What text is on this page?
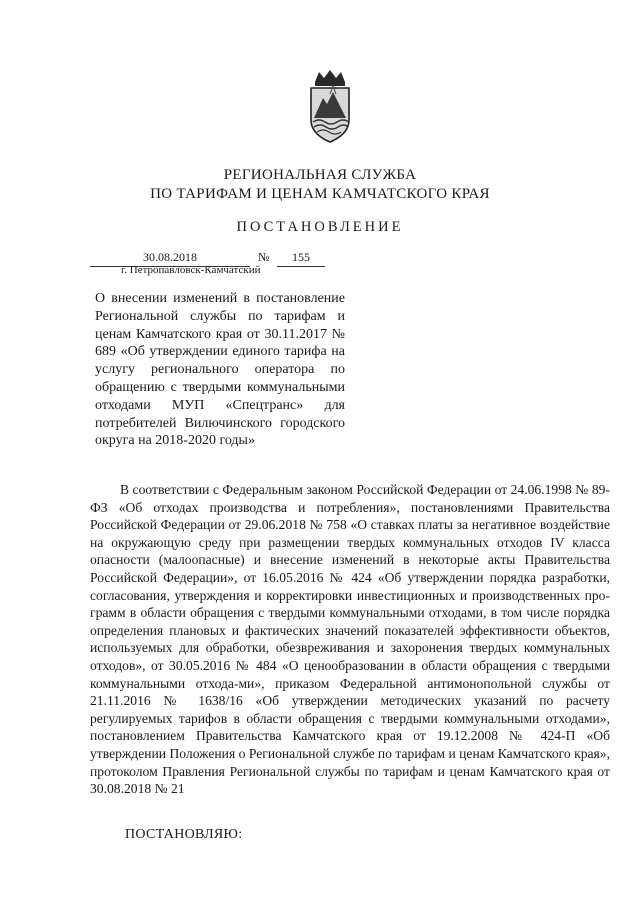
РЕГИОНАЛЬНАЯ СЛУЖБА
ПО ТАРИФАМ И ЦЕНАМ КАМЧАТСКОГО КРАЯ
ПОСТАНОВЛЕНИЕ
30.08.2018	№	155
г. Петропавловск-Камчатский
О внесении изменений в постановление Региональной службы по тарифам и ценам Камчатского края от 30.11.2017 № 689 «Об утверждении единого тарифа на услугу регионального оператора по обращению с твердыми коммунальными отходами МУП «Спецтранс» для потребителей Вилючинского городского округа на 2018-2020 годы»
В соответствии с Федеральным законом Российской Федерации от 24.06.1998 № 89-ФЗ «Об отходах производства и потребления», постановлениями Правительства Российской Федерации от 29.06.2018 № 758 «О ставках платы за негативное воздействие на окружающую среду при размещении твердых коммунальных отходов IV класса опасности (малоопасные) и внесение изменений в некоторые акты Правительства Российской Федерации», от 16.05.2016 № 424 «Об утверждении порядка разработки, согласования, утверждения и корректировки инвестиционных и производственных про-грамм в области обращения с твердыми коммунальными отходами, в том числе порядка определения плановых и фактических значений показателей эффективности объектов, используемых для обработки, обезвреживания и захоронения твердых коммунальных отходов», от 30.05.2016 № 484 «О ценообразовании в области обращения с твердыми коммунальными отхода-ми», приказом Федеральной антимонопольной службы от 21.11.2016 № 1638/16 «Об утверждении методических указаний по расчету регулируемых тарифов в области обращения с твердыми коммунальными отходами», постановлением Правительства Камчатского края от 19.12.2008 № 424-П «Об утверждении Положения о Региональной службе по тарифам и ценам Камчатского края», протоколом Правления Региональной службы по тарифам и ценам Камчатского края от 30.08.2018 № 21
ПОСТАНОВЛЯЮ:
